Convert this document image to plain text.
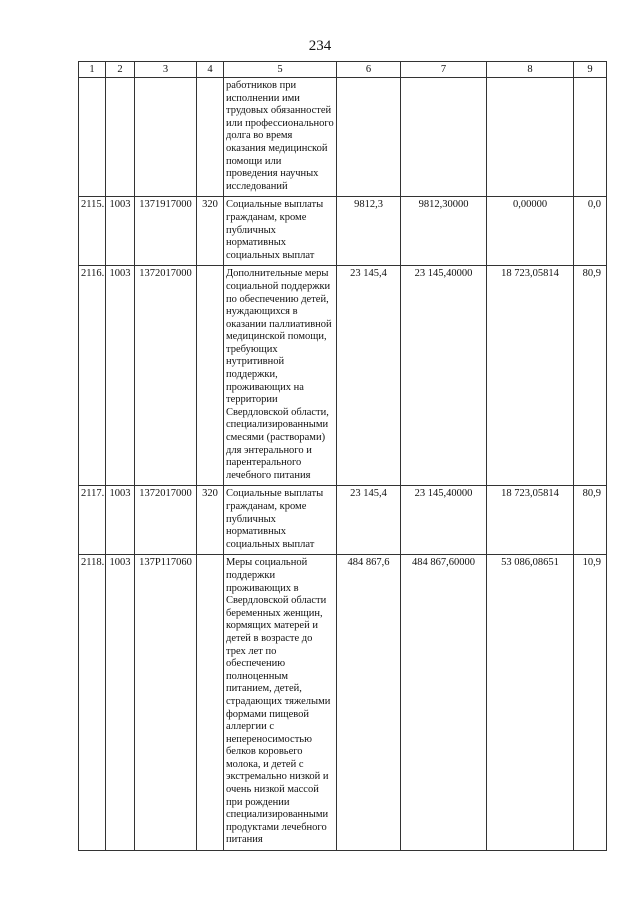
234
1	2	3	4	5	6	7	8	9
				работников при исполнении ими трудовых обязанностей или профессионального долга во время оказания медицинской помощи или проведения научных исследований				
2115.	1003	1371917000	320	Социальные выплаты гражданам, кроме публичных нормативных социальных выплат	9812,3	9812,30000	0,00000	0,0
2116.	1003	1372017000		Дополнительные меры социальной поддержки по обеспечению детей, нуждающихся в оказании паллиативной медицинской помощи, требующих нутритивной поддержки, проживающих на территории Свердловской области, специализированными смесями (растворами) для энтерального и парентерального лечебного питания	23 145,4	23 145,40000	18 723,05814	80,9
2117.	1003	1372017000	320	Социальные выплаты гражданам, кроме публичных нормативных социальных выплат	23 145,4	23 145,40000	18 723,05814	80,9
2118.	1003	137P117060		Меры социальной поддержки проживающих в Свердловской области беременных женщин, кормящих матерей и детей в возрасте до трех лет по обеспечению полноценным питанием, детей, страдающих тяжелыми формами пищевой аллергии с непереносимостью белков коровьего молока, и детей с экстремально низкой и очень низкой массой при рождении специализированными продуктами лечебного питания	484 867,6	484 867,60000	53 086,08651	10,9
